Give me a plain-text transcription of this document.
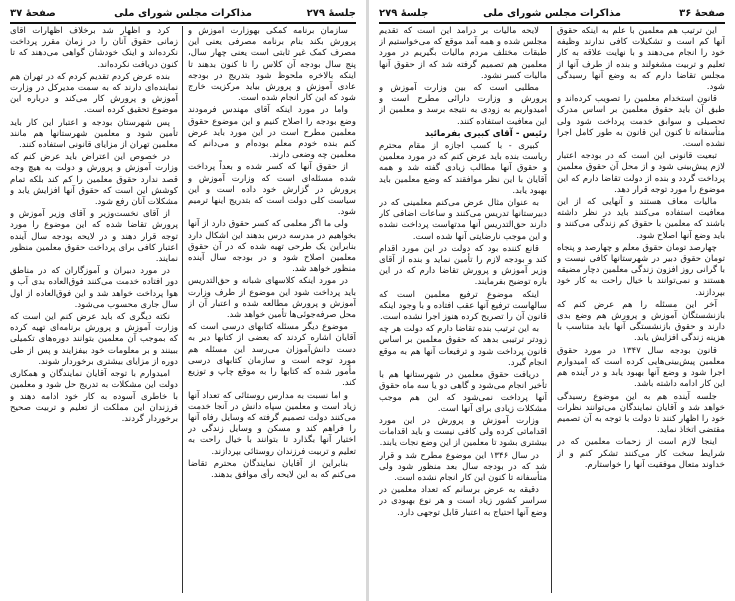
جلسهٔ ۲۷۹
مذاکرات مجلس شورای ملی
صفحهٔ ۳۷

سازمان برنامه کمکی بهوزارت آموزش و پرورش بکند بنام برنامه مصرفی یعنی این مصرف کمک غیر ثابتی است یعنی چهار سال، پنج سال بودجه آن کلاس را تا کنون بدهند تا اینکه بالاخره ملحوظ شود بتدریج در بودجه عادی آموزش و پرورش بیاید مرکزیت خارج شود که این کار انجام شده است.

واما در مورد اینکه آقای مهندس فرمودند وضع بودجه را اصلاح کنیم و این موضوع حقوق معلمین مطرح است در این مورد باید عرض کنم بنده خودم معلم بوده‌ام و می‌دانم که معلمین چه وضعی دارند.

از حقوق آنها که کسر شده و بعداً پرداخت شده مسئله‌ای است که وزارت آموزش و پرورش در گزارش خود داده است و این سیاست کلی دولت است که بتدریج اینها ترمیم شود.

ولی ما اگر معلمی که کسر حقوق دارد از آنها بخواهیم در مدرسه درس بدهند این اشکال دارد بنابراین یک طرحی تهیه شده که در آن حقوق معلمین اصلاح شود و در بودجه سال آینده منظور خواهد شد.

در مورد اینکه کلاسهای شبانه و حق‌التدریس باید پرداخت شود این موضوع از طرف وزارت آموزش و پرورش مطالعه شده و اعتبار آن از محل صرفه‌جوئی‌ها تأمین خواهد شد.

موضوع دیگر مسئله کتابهای درسی است که آقایان اشاره کردند که بعضی از کتابها دیر به دست دانش‌آموزان می‌رسد این مسئله هم مورد توجه است و سازمان کتابهای درسی مأمور شده که کتابها را به موقع چاپ و توزیع کند.

و اما نسبت به مدارس روستائی که تعداد آنها زیاد است و معلمین سپاه دانش در آنجا خدمت می‌کنند دولت تصمیم گرفته که وسایل رفاه آنها را فراهم کند و مسکن و وسایل زندگی در اختیار آنها بگذارد تا بتوانند با خیال راحت به تعلیم و تربیت فرزندان روستائی بپردازند.

بنابراین از آقایان نمایندگان محترم تقاضا می‌کنم که به این لایحه رأی موافق بدهند.

کرد و اظهار شد برخلاف اظهارات آقای زمانی حقوق آنان را در زمان مقرر پرداخت نکرده‌اند و اینک خودشان گواهی می‌دهند که تا کنون دریافت نکرده‌اند.

بنده عرض کردم تقدیم کردم که در تهران هم نماینده‌ای دارند که به سمت مدیرکل در وزارت آموزش و پرورش کار می‌کند و درباره این موضوع تحقیق کرده است.

پس شهرستان بودجه و اعتبار این کار باید تأمین شود و معلمین شهرستانها هم مانند معلمین تهران از مزایای قانونی استفاده کنند.

در خصوص این اعتراض باید عرض کنم که وزارت آموزش و پرورش و دولت به هیچ وجه قصد ندارد حقوق معلمین را کم کند بلکه تمام کوشش این است که حقوق آنها افزایش یابد و مشکلات آنان رفع شود.

از آقای نخست‌وزیر و آقای وزیر آموزش و پرورش تقاضا شده که این موضوع را مورد توجه قرار دهند و در لایحه بودجه سال آینده اعتبار کافی برای پرداخت حقوق معلمین منظور نمایند.

در مورد دبیران و آموزگاران که در مناطق دور افتاده خدمت می‌کنند فوق‌العاده بدی آب و هوا پرداخت خواهد شد و این فوق‌العاده از اول سال جاری محسوب می‌شود.

نکته دیگری که باید عرض کنم این است که وزارت آموزش و پرورش برنامه‌ای تهیه کرده که بموجب آن معلمین بتوانند دوره‌های تکمیلی ببینند و بر معلومات خود بیفزایند و پس از طی دوره از مزایای بیشتری برخوردار شوند.

امیدوارم با توجه آقایان نمایندگان و همکاری دولت این مشکلات به تدریج حل شود و معلمین با خاطری آسوده به کار خود ادامه دهند و فرزندان این مملکت از تعلیم و تربیت صحیح برخوردار گردند.

صفحهٔ ۳۶
مذاکرات مجلس شورای ملی
جلسهٔ ۲۷۹

این ترتیب هم معلمین با علم به اینکه حقوق آنها کم است و تشکیلات کافی ندارند وظیفه خود را انجام می‌دهند و با نهایت علاقه به کار تعلیم و تربیت مشغولند و بنده از طرف آنها از مجلس تقاضا دارم که به وضع آنها رسیدگی شود.

قانون استخدام معلمین را تصویب کرده‌اند و طبق آن باید حقوق معلمین بر اساس مدرک تحصیلی و سوابق خدمت پرداخت شود ولی متأسفانه تا کنون این قانون به طور کامل اجرا نشده است.

تبعیت قانونی این است که در بودجه اعتبار لازم پیش‌بینی شود و از محل آن حقوق معلمین پرداخت گردد و بنده از دولت تقاضا دارم که این موضوع را مورد توجه قرار دهد.

مالیات معاف هستند و آنهایی که از این معافیت استفاده می‌کنند باید در نظر داشته باشند که معلمین با حقوق کم زندگی می‌کنند و باید وضع آنها اصلاح شود.

چهارصد تومان حقوق معلم و چهارصد و پنجاه تومان حقوق دبیر در شهرستانها کافی نیست و با گرانی روز افزون زندگی معلمین دچار مضیقه هستند و نمی‌توانند با خیال راحت به کار خود بپردازند.

آخر این مسئله را هم عرض کنم که بازنشستگان آموزش و پرورش هم وضع بدی دارند و حقوق بازنشستگی آنها باید متناسب با هزینه زندگی افزایش یابد.

قانون بودجه سال ۱۳۴۷ در مورد حقوق معلمین پیش‌بینی‌هایی کرده است که امیدوارم اجرا شود و وضع آنها بهبود یابد و در آینده هم این کار ادامه داشته باشد.

جلسه آینده هم به این موضوع رسیدگی خواهد شد و آقایان نمایندگان می‌توانند نظرات خود را اظهار کنند تا دولت با توجه به آن تصمیم مقتضی اتخاذ نماید.

اینجا لازم است از زحمات معلمین که در شرایط سخت کار می‌کنند تشکر کنم و از خداوند متعال موفقیت آنها را خواستارم.

لایحه مالیات بر درآمد این است که تقدیم مجلس شده و همه آمد موقع که می‌خواستیم از طبقات مختلف مردم مالیات بگیریم در مورد معلمین هم تصمیم گرفته شد که از حقوق آنها مالیات کسر نشود.

مطلبی است که بین وزارت آموزش و پرورش و وزارت دارائی مطرح است و امیدواریم به زودی به نتیجه برسد و معلمین از این معافیت استفاده کنند.

رئیس - آقای کبیری بفرمائید

کبیری - با کسب اجازه از مقام محترم ریاست بنده باید عرض کنم که در مورد معلمین و حقوق آنها مطالب زیادی گفته شد و همه آقایان با این نظر موافقند که وضع معلمین باید بهبود یابد.

به عنوان مثال عرض می‌کنم معلمینی که در دبیرستانها تدریس می‌کنند و ساعات اضافی کار دارند حق‌التدریس آنها مدتهاست پرداخت نشده و این موجب نارضایتی آنها شده است.

قانع کننده بود که دولت در این مورد اقدام کند و بودجه لازم را تأمین نماید و بنده از آقای وزیر آموزش و پرورش تقاضا دارم که در این باره توضیح بفرمایند.

اینکه موضوع ترفیع معلمین است که سالهاست ترفیع آنها عقب افتاده و با وجود اینکه قانون آن را تصریح کرده هنوز اجرا نشده است.

به این ترتیب بنده تقاضا دارم که دولت هر چه زودتر ترتیبی بدهد که حقوق معلمین بر اساس قانون پرداخت شود و ترفیعات آنها هم به موقع انجام گیرد.

دریافت حقوق معلمین در شهرستانها هم با تأخیر انجام می‌شود و گاهی دو یا سه ماه حقوق آنها پرداخت نمی‌شود که این هم موجب مشکلات زیادی برای آنها است.

وزارت آموزش و پرورش در این مورد اقداماتی کرده ولی کافی نیست و باید اقدامات بیشتری بشود تا معلمین از این وضع نجات یابند.

در سال ۱۳۴۶ این موضوع مطرح شد و قرار شد که در بودجه سال بعد منظور شود ولی متأسفانه تا کنون این کار انجام نشده است.

دقیقه به عرض برسانم که تعداد معلمین در سراسر کشور زیاد است و هر نوع بهبودی در وضع آنها احتیاج به اعتبار قابل توجهی دارد.
